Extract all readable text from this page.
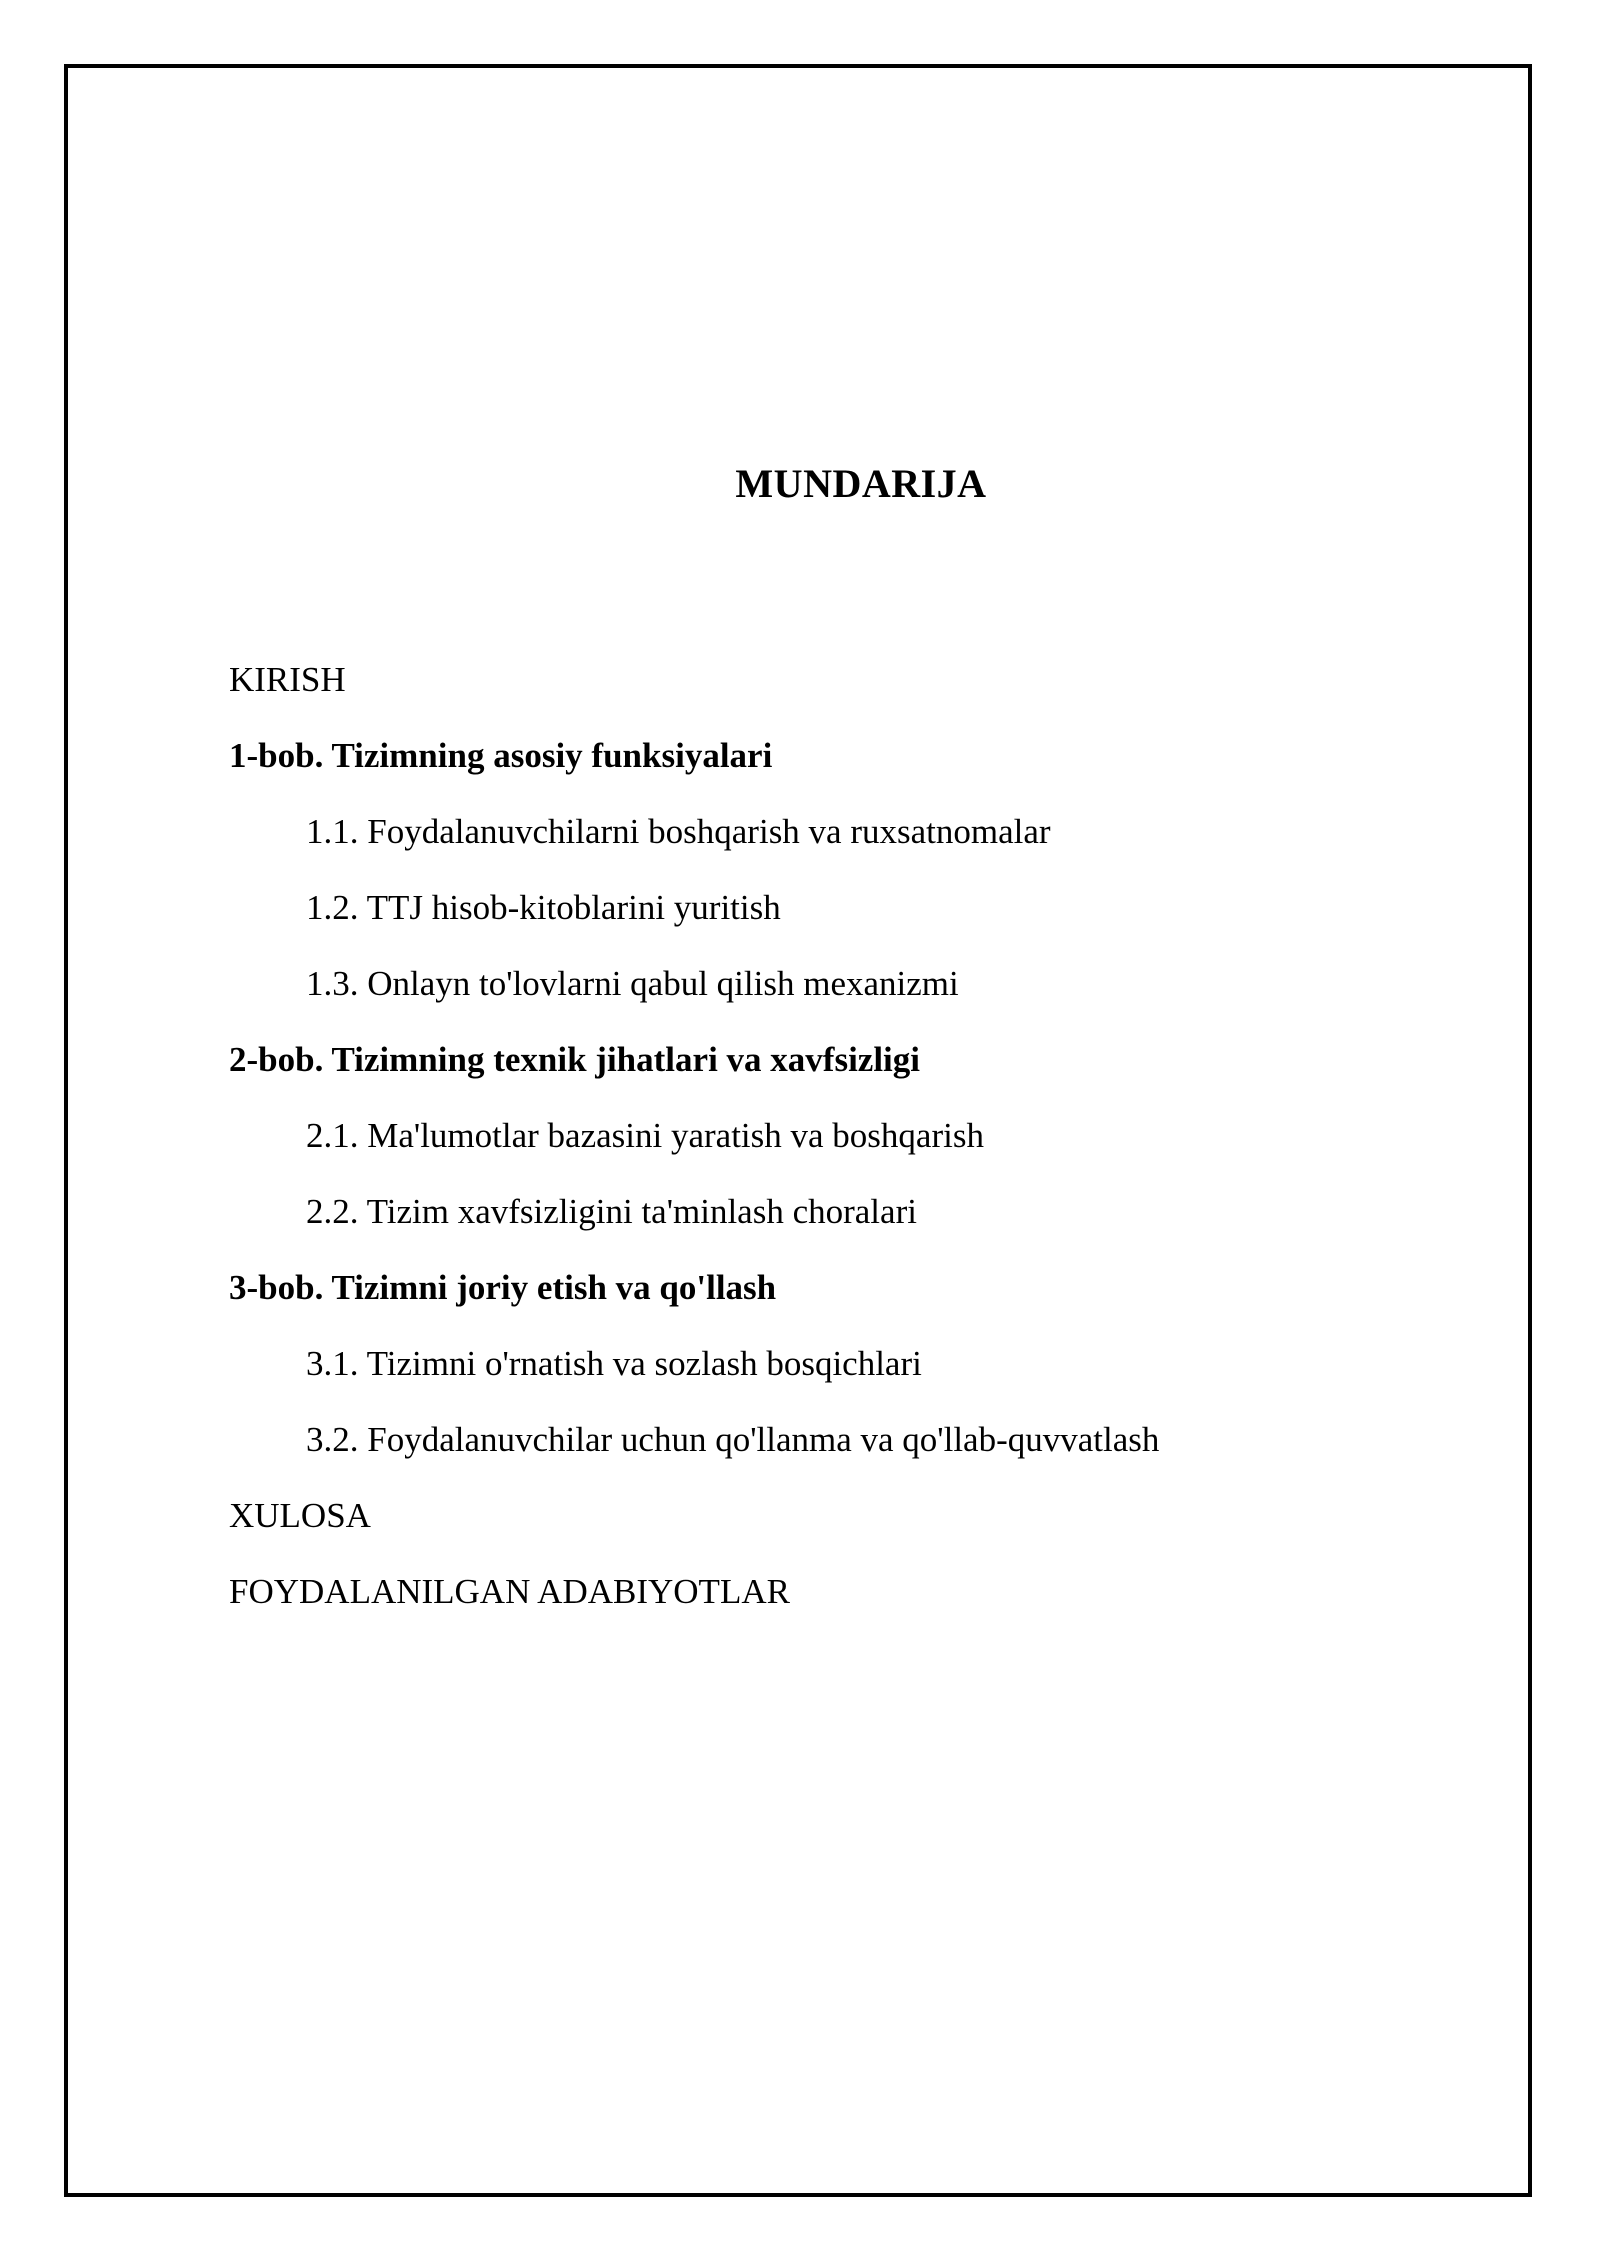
MUNDARIJA
KIRISH
1-bob. Tizimning asosiy funksiyalari
1.1. Foydalanuvchilarni boshqarish va ruxsatnomalar
1.2. TTJ hisob-kitoblarini yuritish
1.3. Onlayn to'lovlarni qabul qilish mexanizmi
2-bob. Tizimning texnik jihatlari va xavfsizligi
2.1. Ma'lumotlar bazasini yaratish va boshqarish
2.2. Tizim xavfsizligini ta'minlash choralari
3-bob. Tizimni joriy etish va qo'llash
3.1. Tizimni o'rnatish va sozlash bosqichlari
3.2. Foydalanuvchilar uchun qo'llanma va qo'llab-quvvatlash
XULOSA
FOYDALANILGAN ADABIYOTLAR
